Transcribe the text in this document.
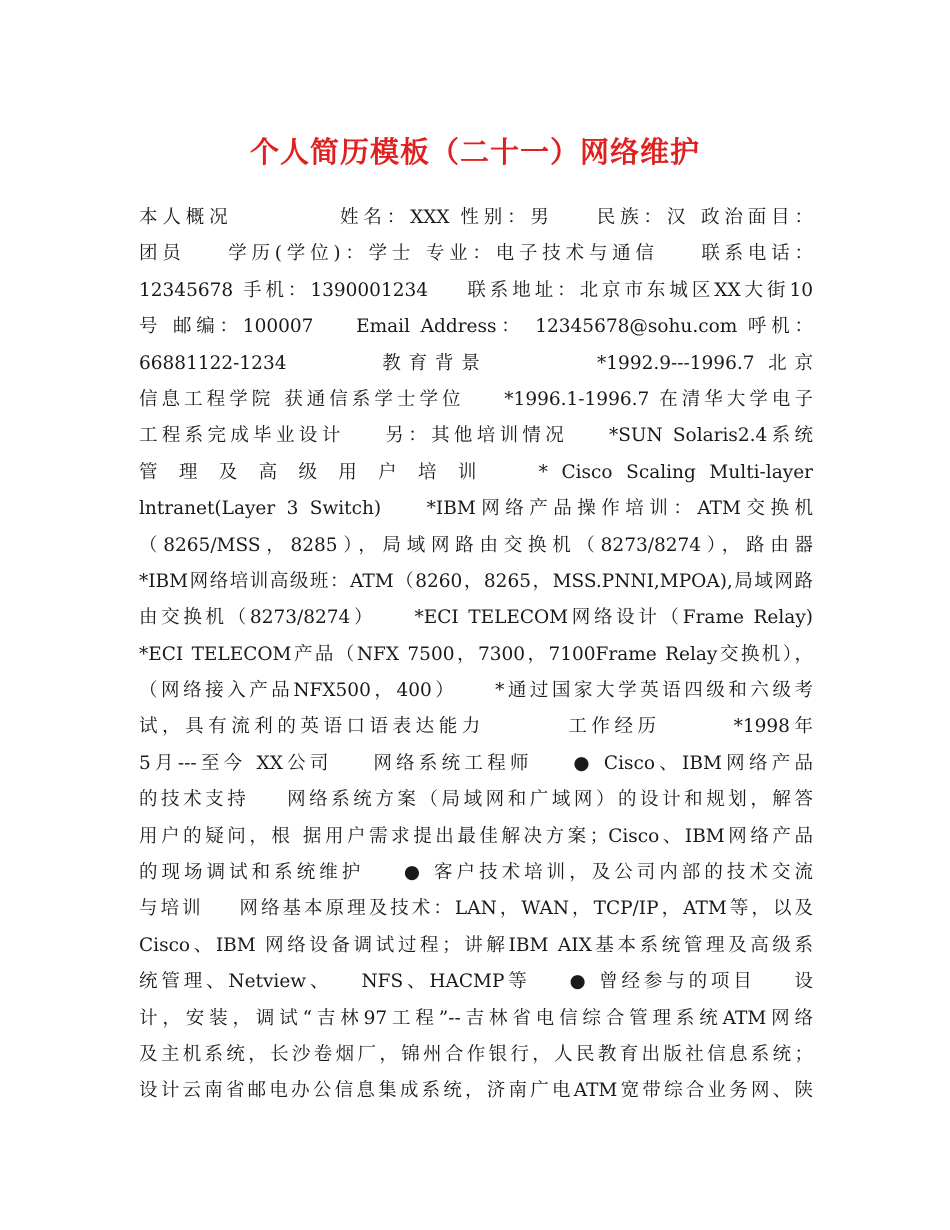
个人简历模板（二十一）网络维护
本人概况          姓名：XXX 性别：男    民族：汉 政治面目：
团员    学历(学位)：学士 专业：电子技术与通信    联系电话：
12345678 手机：1390001234    联系地址：北京市东城区XX大街10
号 邮编：100007    Email Address： 12345678@sohu.com 呼机：
66881122-1234       教育背景        *1992.9---1996.7 北京
信息工程学院 获通信系学士学位    *1996.1-1996.7 在清华大学电子
工程系完成毕业设计    另：其他培训情况    *SUN Solaris2.4系统
管 理 及 高 级 用 户 培 训    * Cisco Scaling Multi-layer
lntranet(Layer 3 Switch)    *IBM网络产品操作培训：ATM交换机
（8265/MSS，8285），局域网路由交换机（8273/8274），路由器
*IBM网络培训高级班：ATM（8260，8265，MSS.PNNI,MPOA),局域网路
由交换机（8273/8274）    *ECI TELECOM网络设计（Frame Relay)
*ECI TELECOM产品（NFX 7500，7300，7100Frame Relay交换机），
（网络接入产品NFX500，400）    *通过国家大学英语四级和六级考
试，具有流利的英语口语表达能力        工作经历       *1998年
5月---至今 XX公司    网络系统工程师    ● Cisco、IBM网络产品
的技术支持    网络系统方案（局域网和广域网）的设计和规划，解答
用户的疑问，根 据用户需求提出最佳解决方案；Cisco、IBM网络产品
的现场调试和系统维护    ● 客户技术培训，及公司内部的技术交流
与培训    网络基本原理及技术：LAN，WAN，TCP/IP，ATM等，以及
Cisco、IBM 网络设备调试过程；讲解IBM AIX基本系统管理及高级系
统管理、Netview、   NFS、HACMP等    ● 曾经参与的项目    设
计，安装，调试“吉林97工程”--吉林省电信综合管理系统ATM网络
及主机系统，长沙卷烟厂，锦州合作银行，人民教育出版社信息系统；
设计云南省邮电办公信息集成系统，济南广电ATM宽带综合业务网、陕
